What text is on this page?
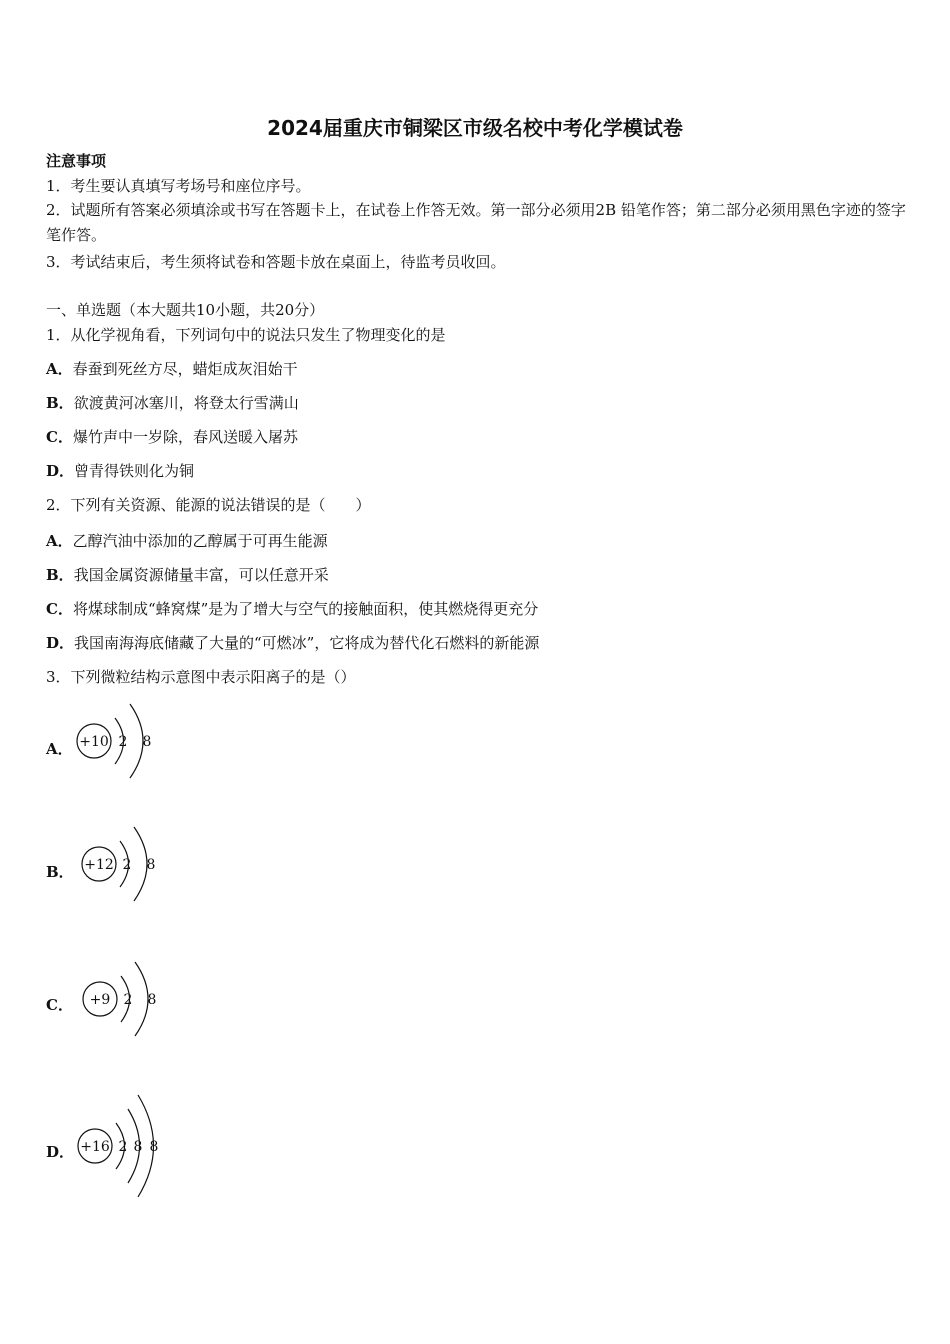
2024届重庆市铜梁区市级名校中考化学模试卷
注意事项
1．考生要认真填写考场号和座位序号。
2．试题所有答案必须填涂或书写在答题卡上，在试卷上作答无效。第一部分必须用2B 铅笔作答；第二部分必须用黑色字迹的签字笔作答。
3．考试结束后，考生须将试卷和答题卡放在桌面上，待监考员收回。
一、单选题（本大题共10小题，共20分）
1．从化学视角看，下列词句中的说法只发生了物理变化的是
A．春蚕到死丝方尽，蜡炬成灰泪始干
B．欲渡黄河冰塞川，将登太行雪满山
C．爆竹声中一岁除，春风送暖入屠苏
D．曾青得铁则化为铜
2．下列有关资源、能源的说法错误的是（　　）
A．乙醇汽油中添加的乙醇属于可再生能源
B．我国金属资源储量丰富，可以任意开采
C．将煤球制成“蜂窝煤”是为了增大与空气的接触面积，使其燃烧得更充分
D．我国南海海底储藏了大量的“可燃冰”，它将成为替代化石燃料的新能源
3．下列微粒结构示意图中表示阳离子的是（）
A． +10 2 8
B． +12 2 8
C． +9 2 8
D． +16 2 8 8
